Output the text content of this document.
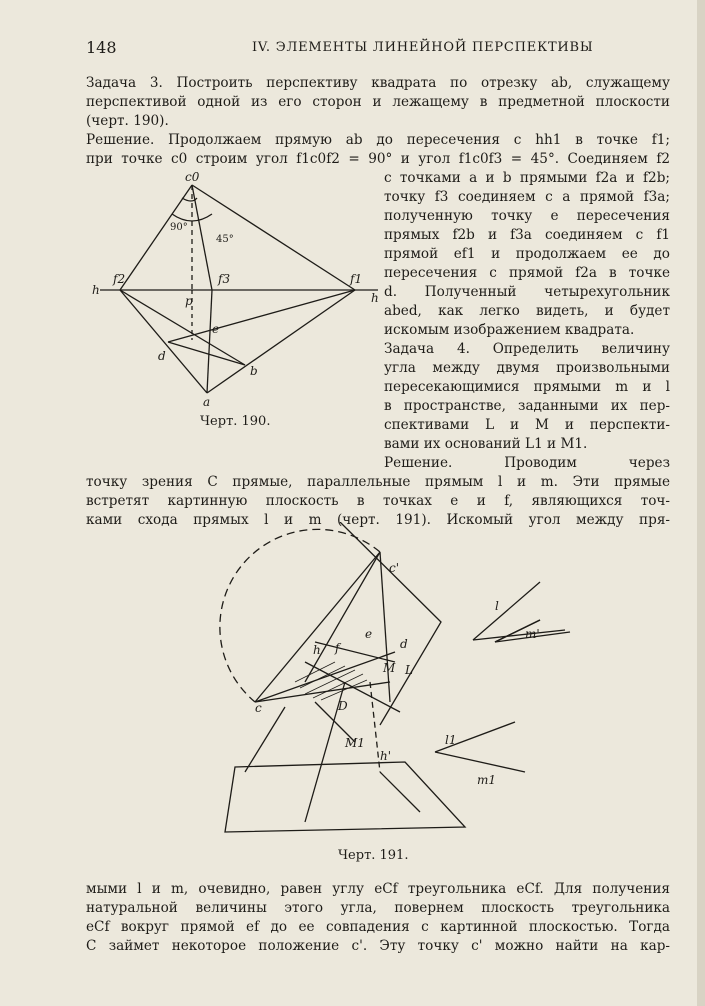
148	IV. ЭЛЕМЕНТЫ ЛИНЕЙНОЙ ПЕРСПЕКТИВЫ
Задача 3. Построить перспективу квадрата по отрезку ab, служащему
перспективой одной из его сторон и лежащему в предметной плоскости
(черт. 190).
Решение. Продолжаем прямую ab до пересечения с hh1 в точке f1;
при точке c0 строим угол f1c0f2 = 90° и угол f1c0f3 = 45°. Соединяем f2
с точками a и b прямыми f2a и f2b;
точку f3 соединяем с a прямой f3a;
полученную точку e пересечения
прямых f2b и f3a соединяем с f1
прямой ef1 и продолжаем ее до
пересечения с прямой f2a в точке
d. Полученный четырехугольник
abed, как легко видеть, и будет
искомым изображением квадрата.
Задача 4. Определить величину
угла между двумя произвольными
пересекающимися прямыми m и l
в пространстве, заданными их пер-
спективами L и M и перспекти-
вами их оснований L1 и M1.
Решение. Проводим через
точку зрения C прямые, параллельные прямым l и m. Эти прямые
встретят картинную плоскость в точках e и f, являющихся точ-
ками схода прямых l и m (черт. 191). Искомый угол между пря-
мыми l и m, очевидно, равен углу eCf треугольника eCf. Для получения
натуральной величины этого угла, повернем плоскость треугольника
eCf вокруг прямой ef до ее совпадения с картинной плоскостью. Тогда
C займет некоторое положение c'. Эту точку c' можно найти на кар-
c0
90°
45°
h
f2	f3	f1
h
p
e
d
b
a
Черт. 190.
c'
e
d
h f
M L
c	D
M1
h'
l
m'
l1
m1
Черт. 191.
